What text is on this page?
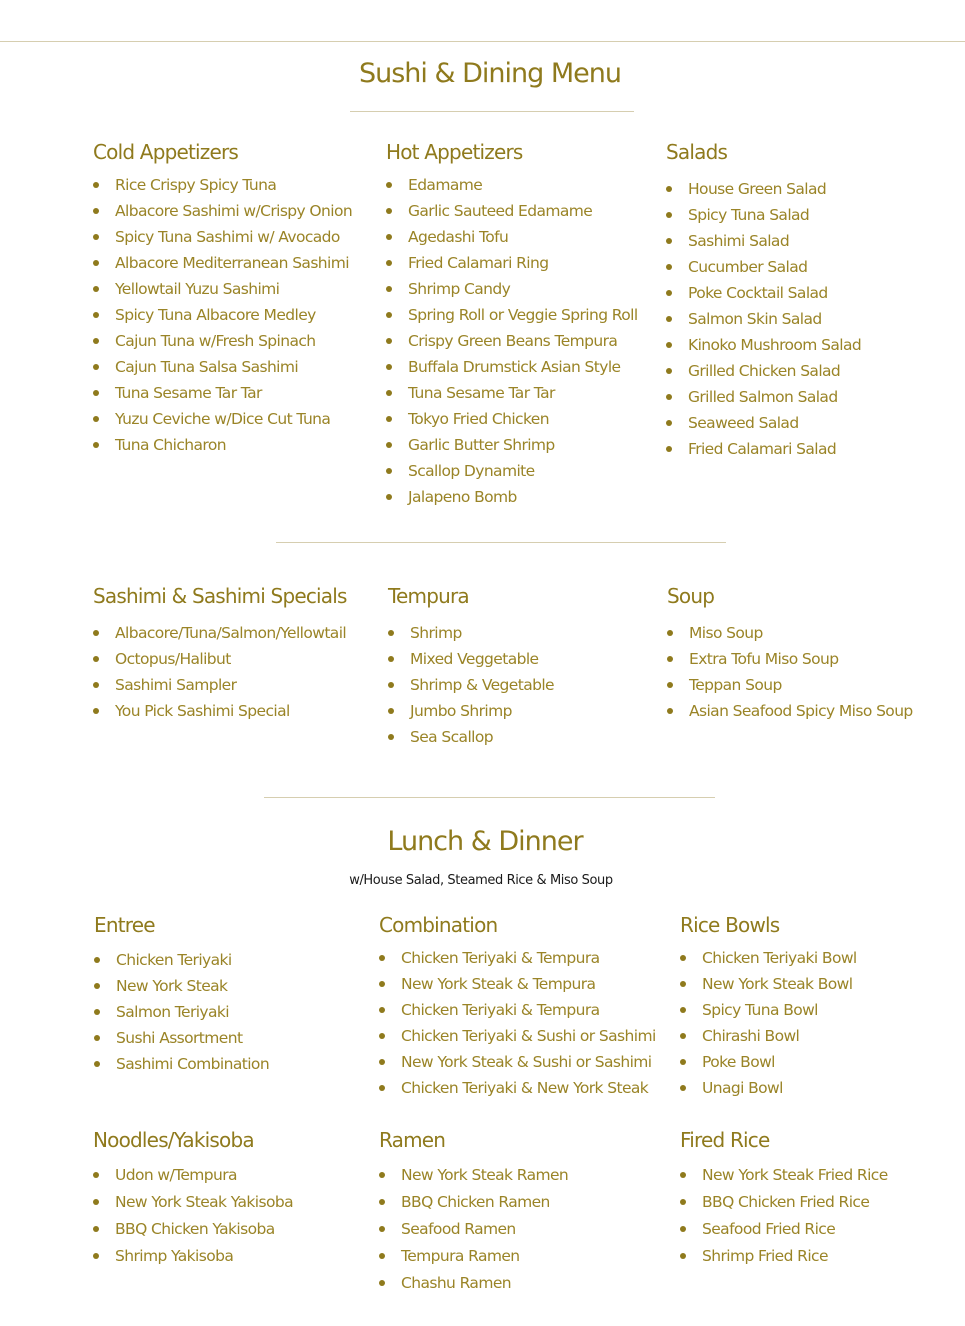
Sushi & Dining Menu
Cold Appetizers
Rice Crispy Spicy Tuna
Albacore Sashimi w/Crispy Onion
Spicy Tuna Sashimi w/ Avocado
Albacore Mediterranean Sashimi
Yellowtail Yuzu Sashimi
Spicy Tuna Albacore Medley
Cajun Tuna w/Fresh Spinach
Cajun Tuna Salsa Sashimi
Tuna Sesame Tar Tar
Yuzu Ceviche w/Dice Cut Tuna
Tuna Chicharon
Hot Appetizers
Edamame
Garlic Sauteed Edamame
Agedashi Tofu
Fried Calamari Ring
Shrimp Candy
Spring Roll or Veggie Spring Roll
Crispy Green Beans Tempura
Buffala Drumstick Asian Style
Tuna Sesame Tar Tar
Tokyo Fried Chicken
Garlic Butter Shrimp
Scallop Dynamite
Jalapeno Bomb
Salads
House Green Salad
Spicy Tuna Salad
Sashimi Salad
Cucumber Salad
Poke Cocktail Salad
Salmon Skin Salad
Kinoko Mushroom Salad
Grilled Chicken Salad
Grilled Salmon Salad
Seaweed Salad
Fried Calamari Salad
Sashimi & Sashimi Specials
Albacore/Tuna/Salmon/Yellowtail
Octopus/Halibut
Sashimi Sampler
You Pick Sashimi Special
Tempura
Shrimp
Mixed Veggetable
Shrimp & Vegetable
Jumbo Shrimp
Sea Scallop
Soup
Miso Soup
Extra Tofu Miso Soup
Teppan Soup
Asian Seafood Spicy Miso Soup
Lunch & Dinner
w/House Salad, Steamed Rice & Miso Soup
Entree
Chicken Teriyaki
New York Steak
Salmon Teriyaki
Sushi Assortment
Sashimi Combination
Combination
Chicken Teriyaki & Tempura
New York Steak & Tempura
Chicken Teriyaki & Tempura
Chicken Teriyaki & Sushi or Sashimi
New York Steak & Sushi or Sashimi
Chicken Teriyaki & New York Steak
Rice Bowls
Chicken Teriyaki Bowl
New York Steak Bowl
Spicy Tuna Bowl
Chirashi Bowl
Poke Bowl
Unagi Bowl
Noodles/Yakisoba
Udon w/Tempura
New York Steak Yakisoba
BBQ Chicken Yakisoba
Shrimp Yakisoba
Ramen
New York Steak Ramen
BBQ Chicken Ramen
Seafood Ramen
Tempura Ramen
Chashu Ramen
Fired Rice
New York Steak Fried Rice
BBQ Chicken Fried Rice
Seafood Fried Rice
Shrimp Fried Rice
